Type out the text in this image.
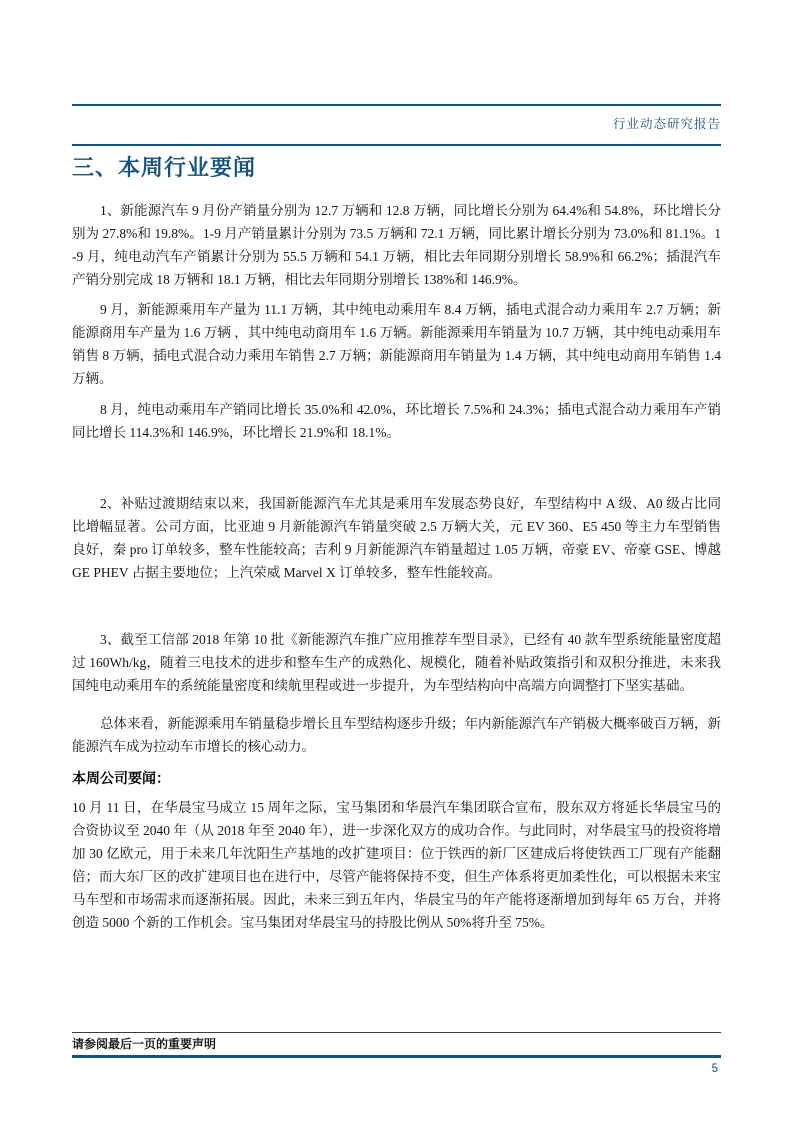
行业动态研究报告
三、本周行业要闻

1、新能源汽车 9 月份产销量分别为 12.7 万辆和 12.8 万辆，同比增长分别为 64.4%和 54.8%，环比增长分别为 27.8%和 19.8%。1-9 月产销量累计分别为 73.5 万辆和 72.1 万辆，同比累计增长分别为 73.0%和 81.1%。1-9 月，纯电动汽车产销累计分别为 55.5 万辆和 54.1 万辆，相比去年同期分别增长 58.9%和 66.2%；插混汽车产销分别完成 18 万辆和 18.1 万辆，相比去年同期分别增长 138%和 146.9%。

9 月，新能源乘用车产量为 11.1 万辆，其中纯电动乘用车 8.4 万辆，插电式混合动力乘用车 2.7 万辆；新能源商用车产量为 1.6 万辆 ，其中纯电动商用车 1.6 万辆。新能源乘用车销量为 10.7 万辆，其中纯电动乘用车销售 8 万辆，插电式混合动力乘用车销售 2.7 万辆；新能源商用车销量为 1.4 万辆，其中纯电动商用车销售 1.4 万辆。

8 月，纯电动乘用车产销同比增长 35.0%和 42.0%，环比增长 7.5%和 24.3%；插电式混合动力乘用车产销同比增长 114.3%和 146.9%，环比增长 21.9%和 18.1%。

2、补贴过渡期结束以来，我国新能源汽车尤其是乘用车发展态势良好，车型结构中 A 级、A0 级占比同比增幅显著。公司方面，比亚迪 9 月新能源汽车销量突破 2.5 万辆大关，元 EV 360、E5 450 等主力车型销售良好，秦 pro 订单较多，整车性能较高；吉利 9 月新能源汽车销量超过 1.05 万辆，帝豪 EV、帝豪 GSE、博越 GE PHEV 占据主要地位；上汽荣威 Marvel X 订单较多，整车性能较高。

3、截至工信部 2018 年第 10 批《新能源汽车推广应用推荐车型目录》，已经有 40 款车型系统能量密度超过 160Wh/kg，随着三电技术的进步和整车生产的成熟化、规模化，随着补贴政策指引和双积分推进，未来我国纯电动乘用车的系统能量密度和续航里程或进一步提升，为车型结构向中高端方向调整打下坚实基础。

总体来看，新能源乘用车销量稳步增长且车型结构逐步升级；年内新能源汽车产销极大概率破百万辆，新能源汽车成为拉动车市增长的核心动力。

本周公司要闻：

10 月 11 日，在华晨宝马成立 15 周年之际，宝马集团和华晨汽车集团联合宣布，股东双方将延长华晨宝马的合资协议至 2040 年（从 2018 年至 2040 年），进一步深化双方的成功合作。与此同时，对华晨宝马的投资将增加 30 亿欧元，用于未来几年沈阳生产基地的改扩建项目：位于铁西的新厂区建成后将使铁西工厂现有产能翻倍；而大东厂区的改扩建项目也在进行中，尽管产能将保持不变，但生产体系将更加柔性化，可以根据未来宝马车型和市场需求而逐渐拓展。因此，未来三到五年内，华晨宝马的年产能将逐渐增加到每年 65 万台，并将创造 5000 个新的工作机会。宝马集团对华晨宝马的持股比例从 50%将升至 75%。

请参阅最后一页的重要声明
5
